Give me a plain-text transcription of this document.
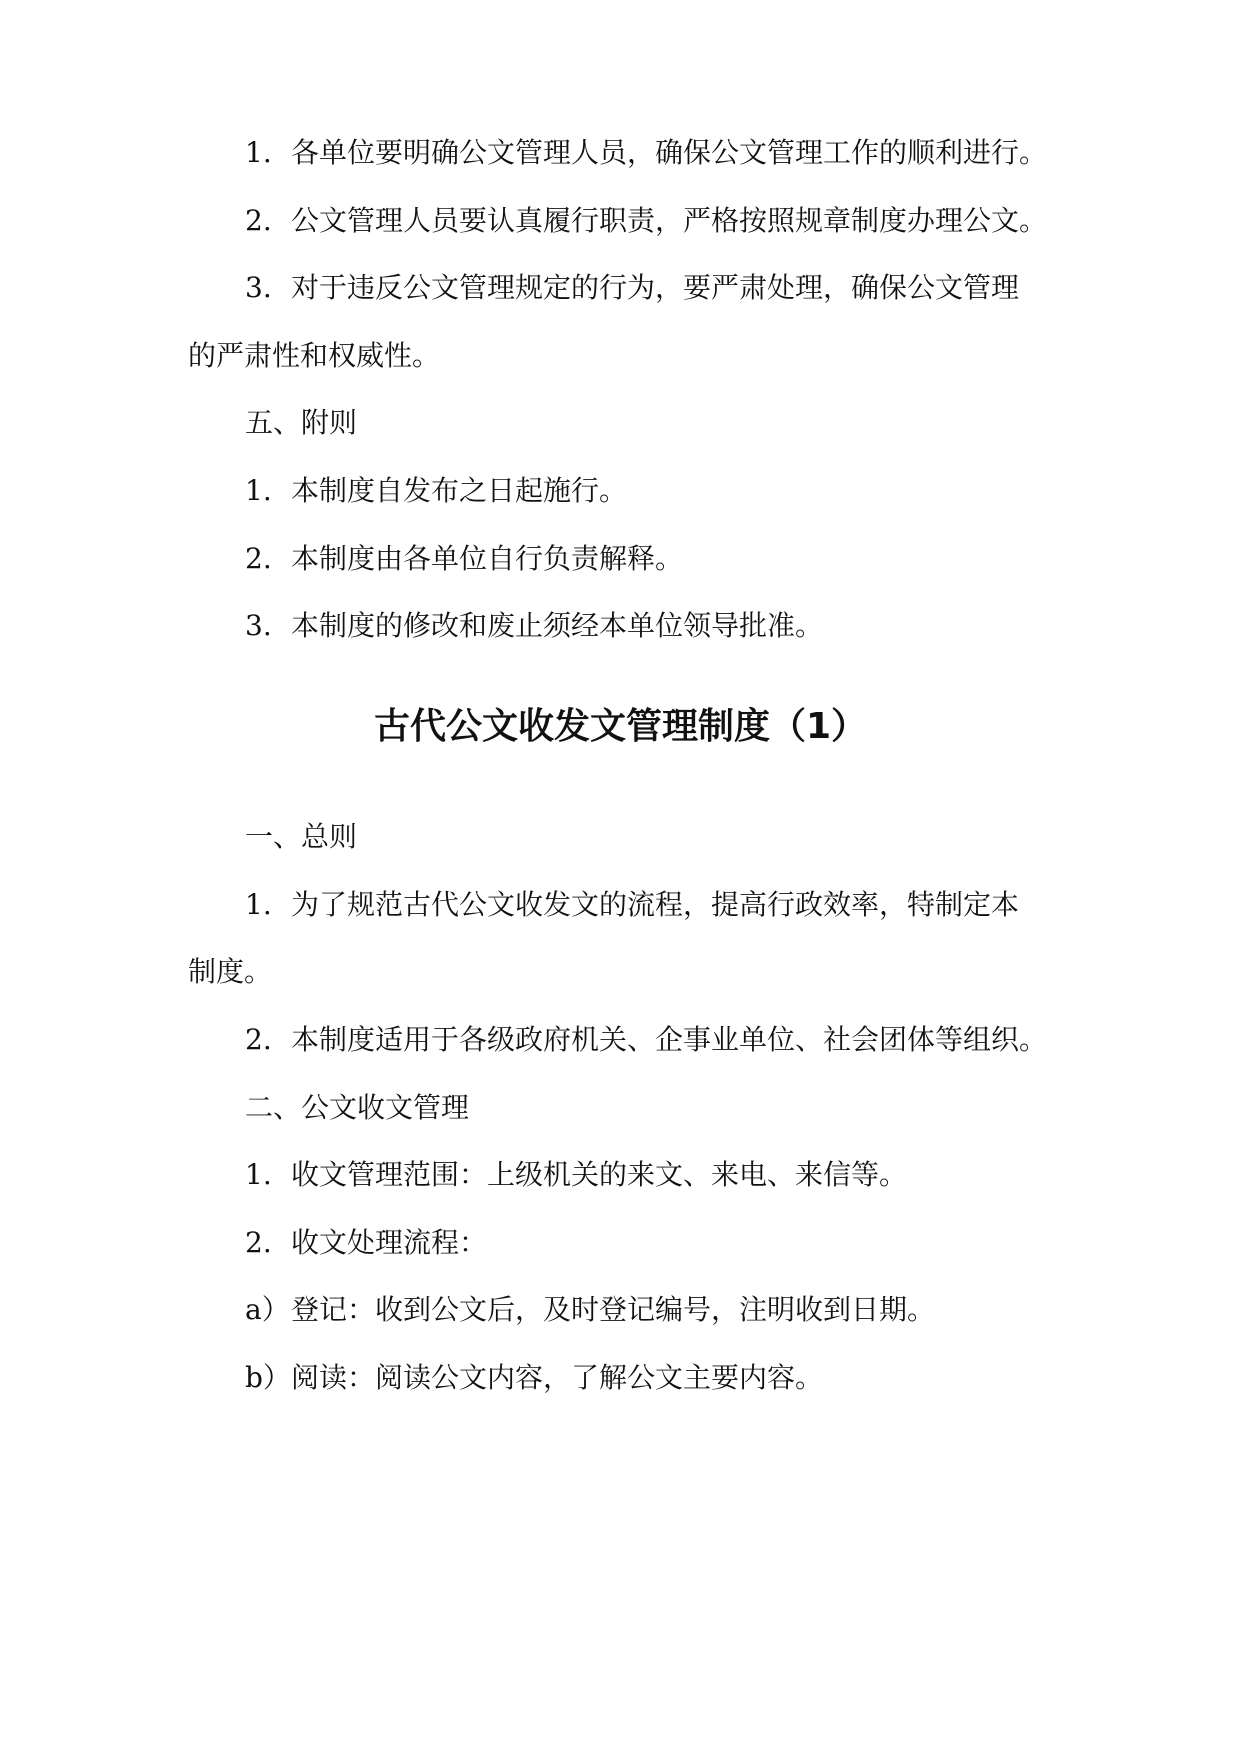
1. 各单位要明确公文管理人员，确保公文管理工作的顺利进行。
2. 公文管理人员要认真履行职责，严格按照规章制度办理公文。
3. 对于违反公文管理规定的行为，要严肃处理，确保公文管理
的严肃性和权威性。
五、附则
1. 本制度自发布之日起施行。
2. 本制度由各单位自行负责解释。
3. 本制度的修改和废止须经本单位领导批准。
古代公文收发文管理制度（1）
一、总则
1. 为了规范古代公文收发文的流程，提高行政效率，特制定本
制度。
2. 本制度适用于各级政府机关、企事业单位、社会团体等组织。
二、公文收文管理
1. 收文管理范围：上级机关的来文、来电、来信等。
2. 收文处理流程：
a）登记：收到公文后，及时登记编号，注明收到日期。
b）阅读：阅读公文内容，了解公文主要内容。
